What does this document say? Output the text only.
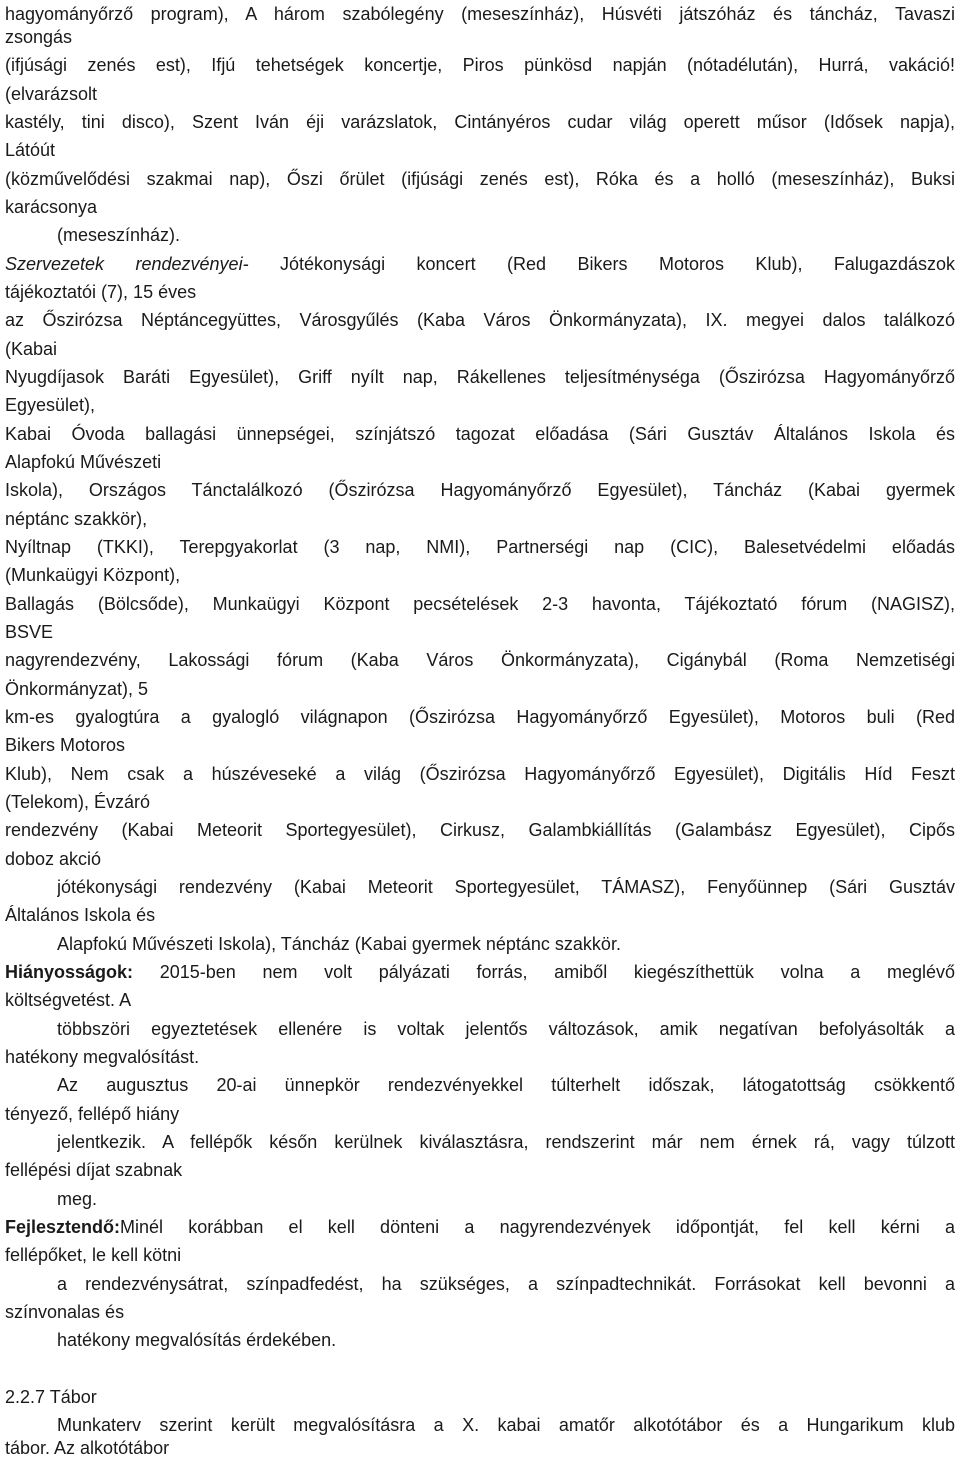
hagyományőrző program), A három szabólegény (meseszínház), Húsvéti játszóház és táncház, Tavaszi
zsongás
(ifjúsági zenés est), Ifjú tehetségek koncertje, Piros pünkösd napján (nótadélután), Hurrá, vakáció!
(elvarázsolt
kastély, tini disco), Szent Iván éji varázslatok, Cintányéros cudar világ operett műsor (Idősek napja),
Látóút
(közművelődési szakmai nap), Őszi őrület (ifjúsági zenés est), Róka és a holló (meseszínház), Buksi
karácsonya
(meseszínház).
Szervezetek rendezvényei- Jótékonysági koncert (Red Bikers Motoros Klub), Falugazdászok
tájékoztatói (7), 15 éves
az Őszirózsa Néptáncegyüttes, Városgyűlés (Kaba Város Önkormányzata), IX. megyei dalos találkozó
(Kabai
Nyugdíjasok Baráti Egyesület), Griff nyílt nap, Rákellenes teljesítménységa (Őszirózsa Hagyományőrző
Egyesület),
Kabai Óvoda ballagási ünnepségei, színjátszó tagozat előadása (Sári Gusztáv Általános Iskola és
Alapfokú Művészeti
Iskola), Országos Tánctalálkozó (Őszirózsa Hagyományőrző Egyesület), Táncház (Kabai gyermek
néptánc szakkör),
Nyíltnap (TKKI), Terepgyakorlat (3 nap, NMI), Partnerségi nap (CIC), Balesetvédelmi előadás
(Munkaügyi Központ),
Ballagás (Bölcsőde), Munkaügyi Központ pecsételések 2-3 havonta, Tájékoztató fórum (NAGISZ),
BSVE
nagyrendezvény, Lakossági fórum (Kaba Város Önkormányzata), Cigánybál (Roma Nemzetiségi
Önkormányzat), 5
km-es gyalogtúra a gyalogló világnapon (Őszirózsa Hagyományőrző Egyesület), Motoros buli (Red
Bikers Motoros
Klub), Nem csak a húszéveseké a világ (Őszirózsa Hagyományőrző Egyesület), Digitális Híd Feszt
(Telekom), Évzáró
rendezvény (Kabai Meteorit Sportegyesület), Cirkusz, Galambkiállítás (Galambász Egyesület), Cipős
doboz akció
jótékonysági rendezvény (Kabai Meteorit Sportegyesület, TÁMASZ), Fenyőünnep (Sári Gusztáv
Általános Iskola és
Alapfokú Művészeti Iskola), Táncház (Kabai gyermek néptánc szakkör.
Hiányosságok: 2015-ben nem volt pályázati forrás, amiből kiegészíthettük volna a meglévő
költségvetést. A
többszöri egyeztetések ellenére is voltak jelentős változások, amik negatívan befolyásolták a
hatékony megvalósítást.
Az augusztus 20-ai ünnepkör rendezvényekkel túlterhelt időszak, látogatottság csökkentő
tényező, fellépő hiány
jelentkezik. A fellépők későn kerülnek kiválasztásra, rendszerint már nem érnek rá, vagy túlzott
fellépési díjat szabnak
meg.
Fejlesztendő:Minél korábban el kell dönteni a nagyrendezvények időpontját, fel kell kérni a
fellépőket, le kell kötni
a rendezvénysátrat, színpadfedést, ha szükséges, a színpadtechnikát. Forrásokat kell bevonni a
színvonalas és
hatékony megvalósítás érdekében.
2.2.7 Tábor
Munkaterv szerint került megvalósításra a X. kabai amatőr alkotótábor és a Hungarikum klub
tábor. Az alkotótábor
